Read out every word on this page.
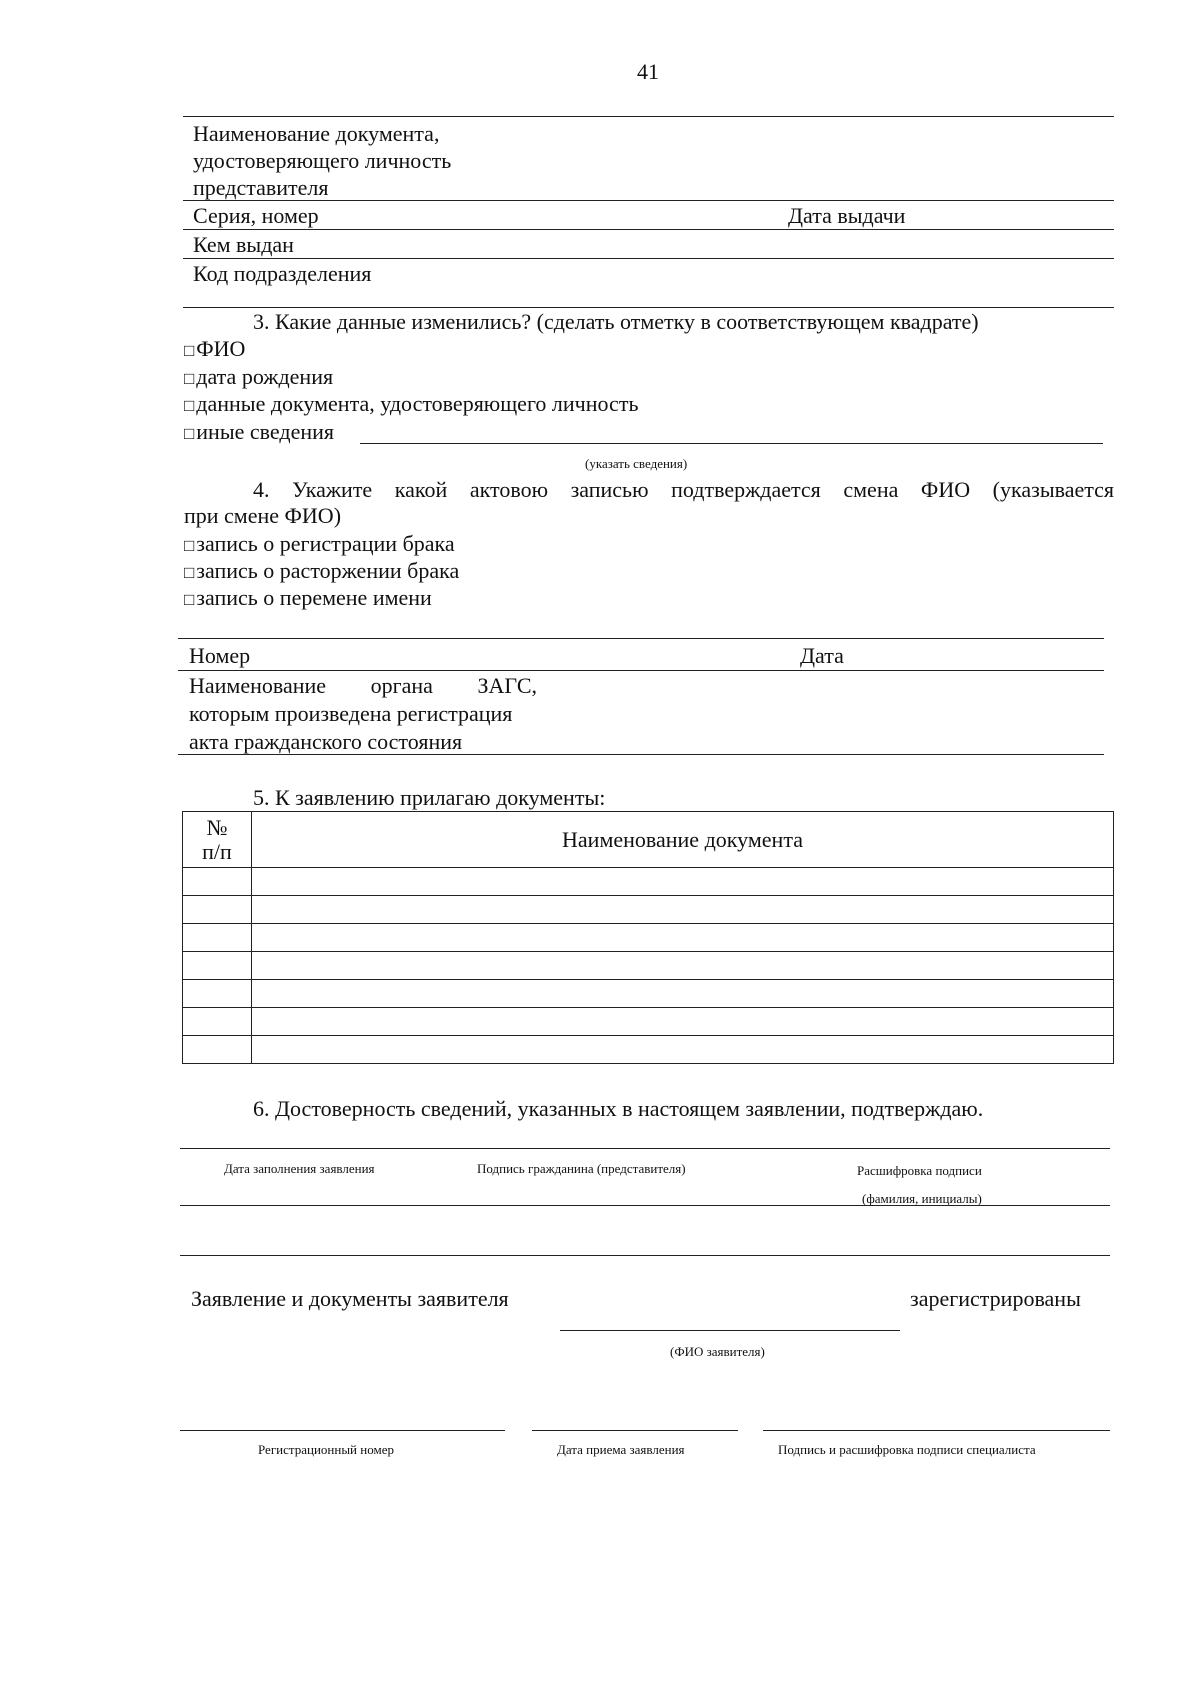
41
Наименование документа,
удостоверяющего личность
представителя
Серия, номер	Дата выдачи
Кем выдан
Код подразделения
3. Какие данные изменились? (сделать отметку в соответствующем квадрате)
□ФИО
□дата рождения
□данные документа, удостоверяющего личность
□иные сведения
(указать сведения)
4. Укажите какой актовою записью подтверждается смена ФИО (указывается
при смене ФИО)
□запись о регистрации брака
□запись о расторжении брака
□запись о перемене имени
Номер	Дата
Наименование органа ЗАГС,
которым произведена регистрация
акта гражданского состояния
5. К заявлению прилагаю документы:
№
п/п	Наименование документа

6. Достоверность сведений, указанных в настоящем заявлении, подтверждаю.
Дата заполнения заявления	Подпись гражданина (представителя)	Расшифровка подписи
(фамилия, инициалы)
Заявление и документы заявителя	зарегистрированы
(ФИО заявителя)
Регистрационный номер	Дата приема заявления	Подпись и расшифровка подписи специалиста
